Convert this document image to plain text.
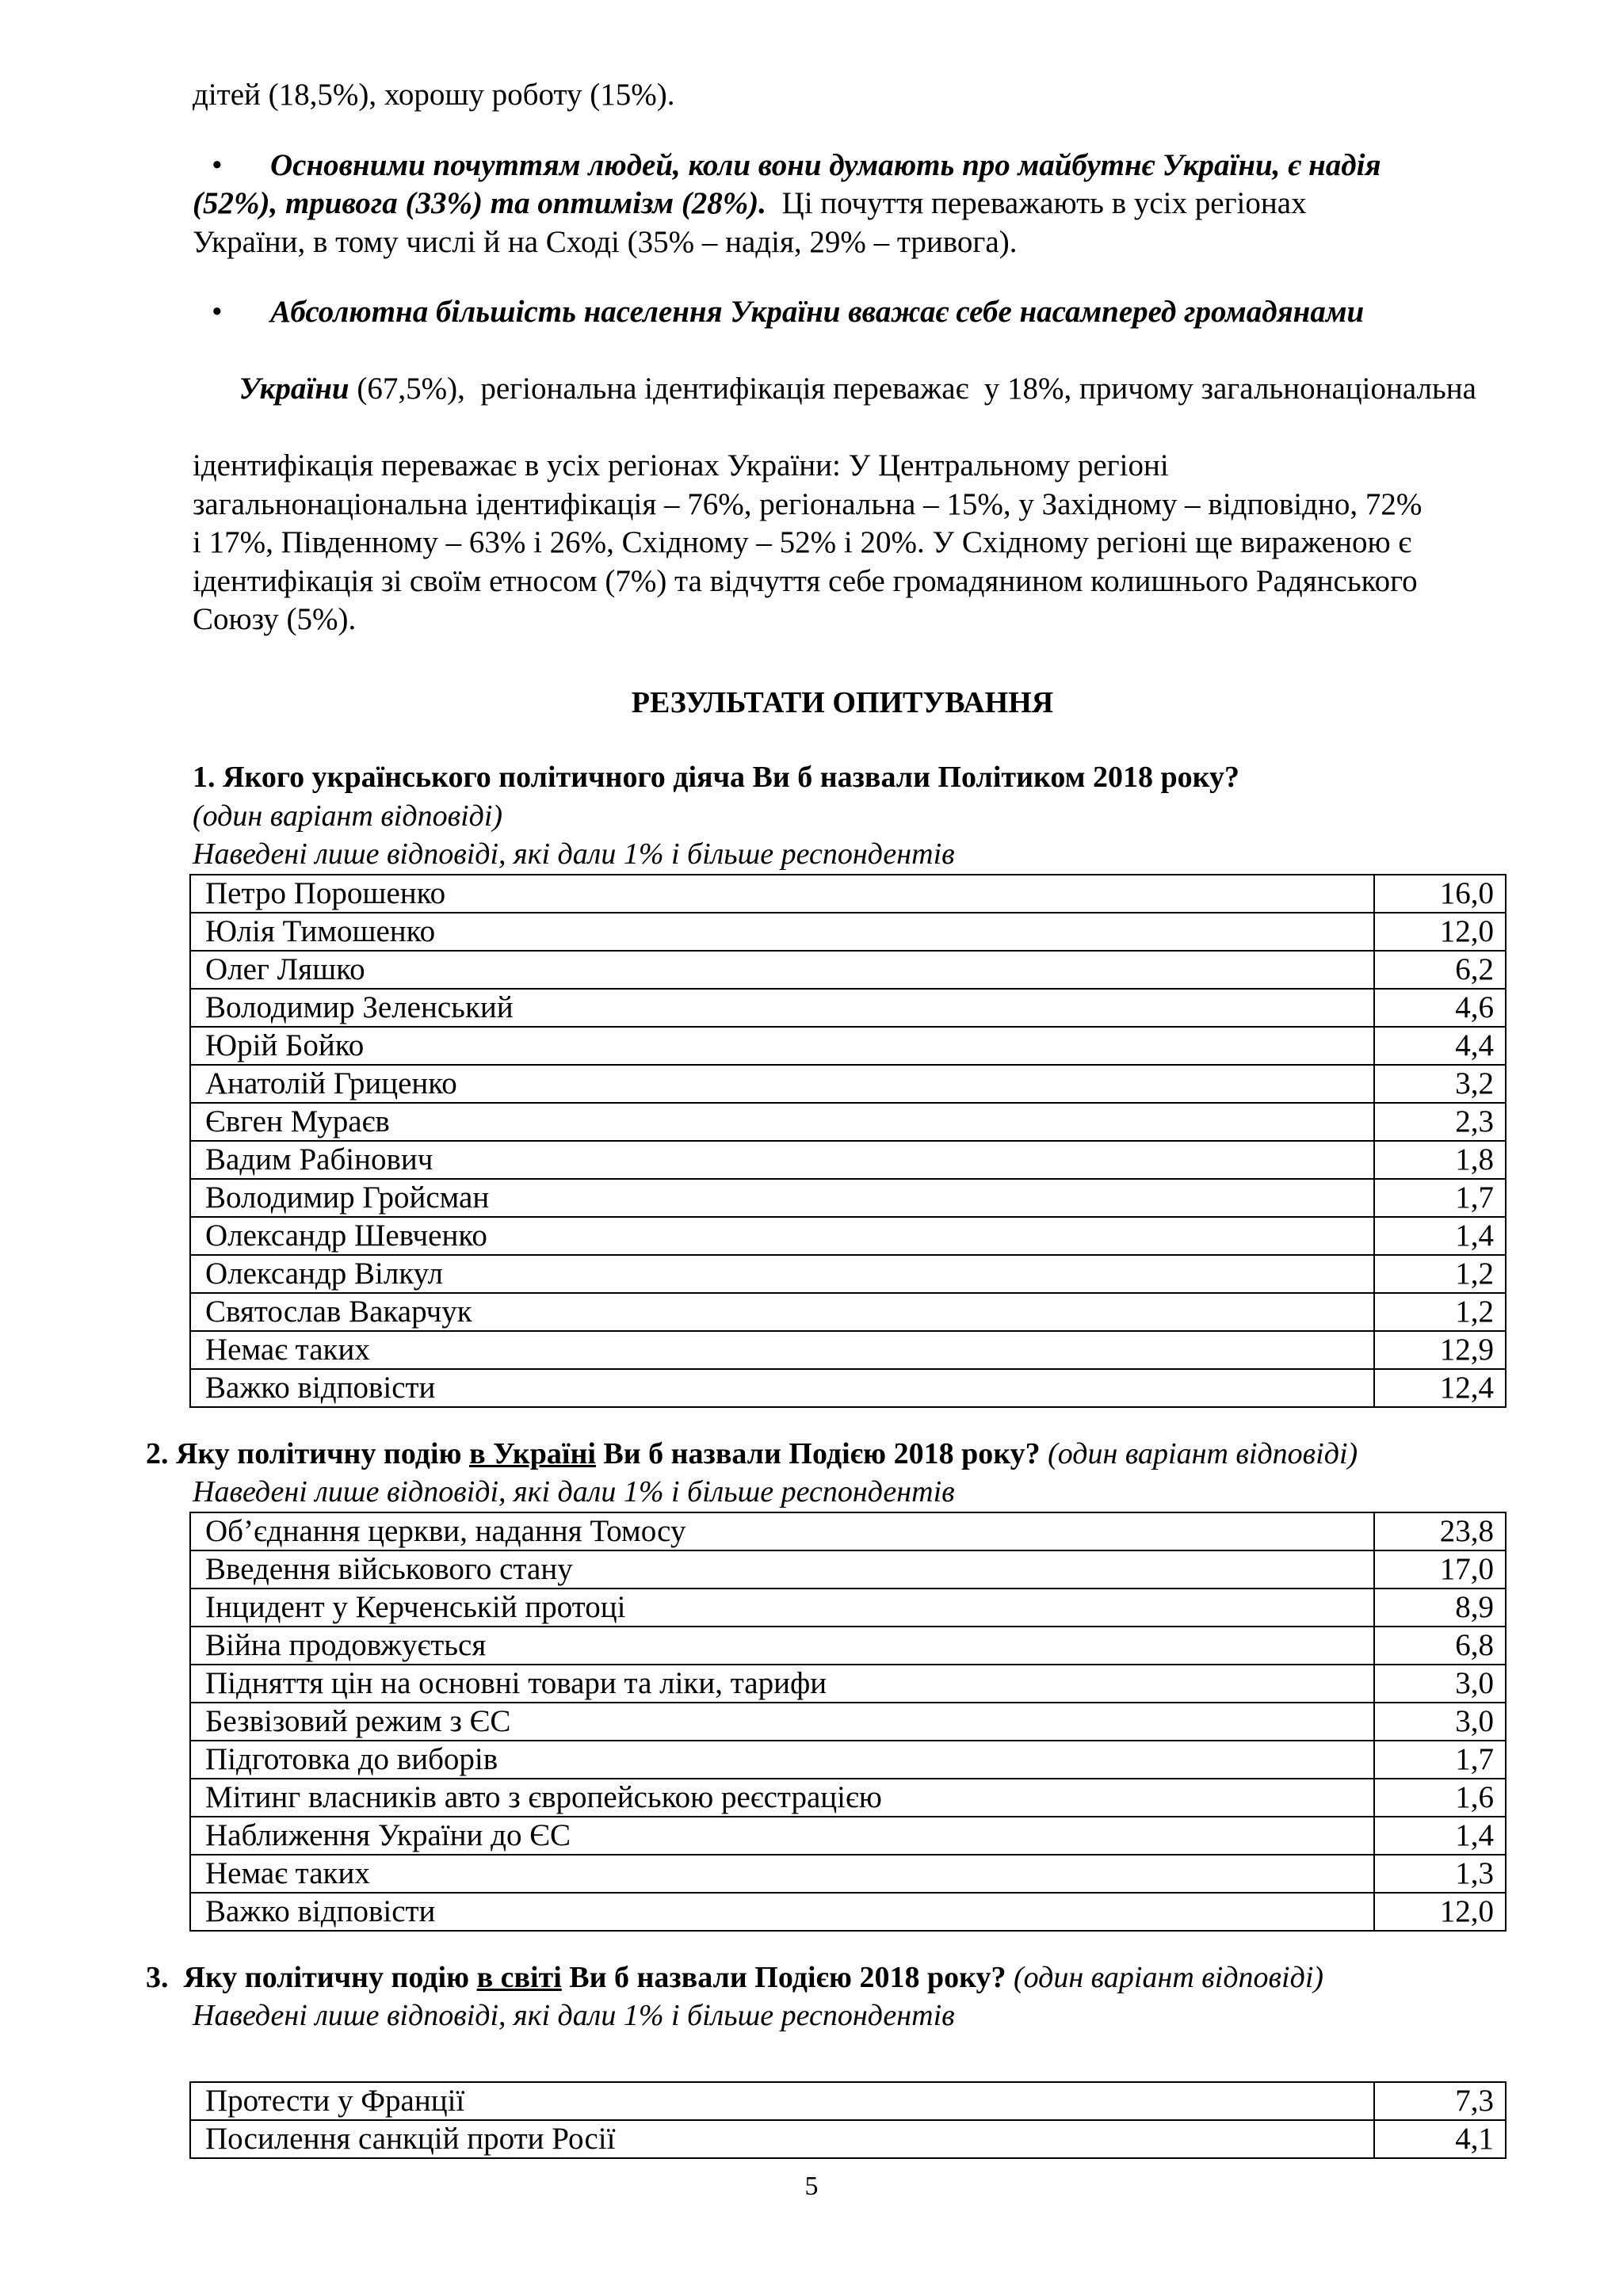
дітей (18,5%), хорошу роботу (15%).

• Основними почуттям людей, коли вони думають про майбутнє України, є надія

(52%), тривога (33%) та оптимізм (28%).  Ці почуття переважають в усіх регіонах

України, в тому числі й на Сході (35% – надія, 29% – тривога).

• Абсолютна більшість населення України вважає себе насамперед громадянами

України (67,5%),  регіональна ідентифікація переважає  у 18%, причому загальнонаціональна

ідентифікація переважає в усіх регіонах України: У Центральному регіоні

загальнонаціональна ідентифікація – 76%, регіональна – 15%, у Західному – відповідно, 72%

і 17%, Південному – 63% і 26%, Східному – 52% і 20%. У Східному регіоні ще вираженою є

ідентифікація зі своїм етносом (7%) та відчуття себе громадянином колишнього Радянського

Союзу (5%).

РЕЗУЛЬТАТИ ОПИТУВАННЯ

1. Якого українського політичного діяча Ви б назвали Політиком 2018 року?

(один варіант відповіді)

Наведені лише відповіді, які дали 1% і більше респондентів

Петро Порошенко	16,0
Юлія Тимошенко	12,0
Олег Ляшко	6,2
Володимир Зеленський	4,6
Юрій Бойко	4,4
Анатолій Гриценко	3,2
Євген Мураєв	2,3
Вадим Рабінович	1,8
Володимир Гройсман	1,7
Олександр Шевченко	1,4
Олександр Вілкул	1,2
Святослав Вакарчук	1,2
Немає таких	12,9
Важко відповісти	12,4

2. Яку політичну подію в Україні Ви б назвали Подією 2018 року? (один варіант відповіді)

Наведені лише відповіді, які дали 1% і більше респондентів

Об’єднання церкви, надання Томосу	23,8
Введення військового стану	17,0
Інцидент у Керченській протоці	8,9
Війна продовжується	6,8
Підняття цін на основні товари та ліки, тарифи	3,0
Безвізовий режим з ЄС	3,0
Підготовка до виборів	1,7
Мітинг власників авто з європейською реєстрацією	1,6
Наближення України до ЄС	1,4
Немає таких	1,3
Важко відповісти	12,0

3.  Яку політичну подію в світі Ви б назвали Подією 2018 року? (один варіант відповіді)

Наведені лише відповіді, які дали 1% і більше респондентів

Протести у Франції	7,3
Посилення санкцій проти Росії	4,1
5
